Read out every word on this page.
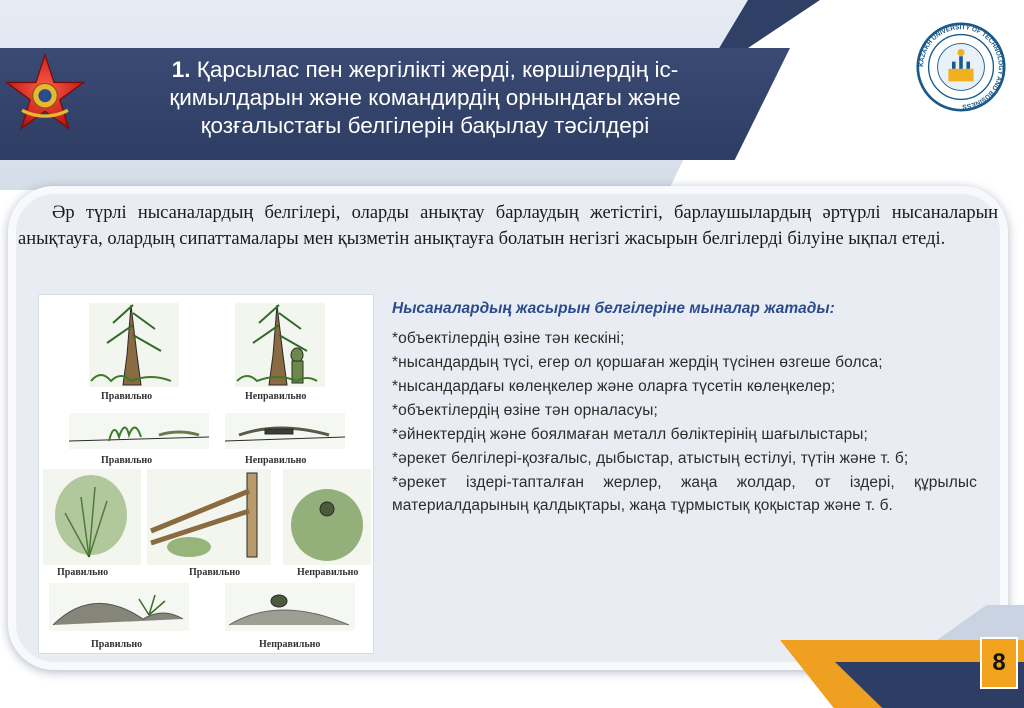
1. Қарсылас пен жергілікті жерді, көршілердің іс-
қимылдарын және командирдің орнындағы және
қозғалыстағы белгілерін бақылау тәсілдері
KAZAKH UNIVERSITY OF TECHNOLOGY AND BUSINESS

Әр түрлі нысаналардың белгілері, оларды анықтау барлаудың жетістігі, барлаушылардың әртүрлі нысаналарын анықтауға, олардың сипаттамалары мен қызметін анықтауға болатын негізгі жасырын белгілерді білуіне ықпал етеді.

Правильно	Неправильно
Правильно	Неправильно
Правильно	Правильно	Неправильно
Правильно	Неправильно
Нысаналардың жасырын белгілеріне мыналар жатады:
*объектілердің өзіне тән кескіні;
*нысандардың түсі, егер ол қоршаған жердің түсінен өзгеше болса;
*нысандардағы көлеңкелер және оларға түсетін көлеңкелер;
*объектілердің өзіне тән орналасуы;
*әйнектердің және боялмаған металл бөліктерінің шағылыстары;
*әрекет белгілері-қозғалыс, дыбыстар, атыстың естілуі, түтін және т. б;
*әрекет іздері-тапталған жерлер, жаңа жолдар, от іздері, құрылыс материалдарының қалдықтары, жаңа тұрмыстық қоқыстар және т. б.
8
